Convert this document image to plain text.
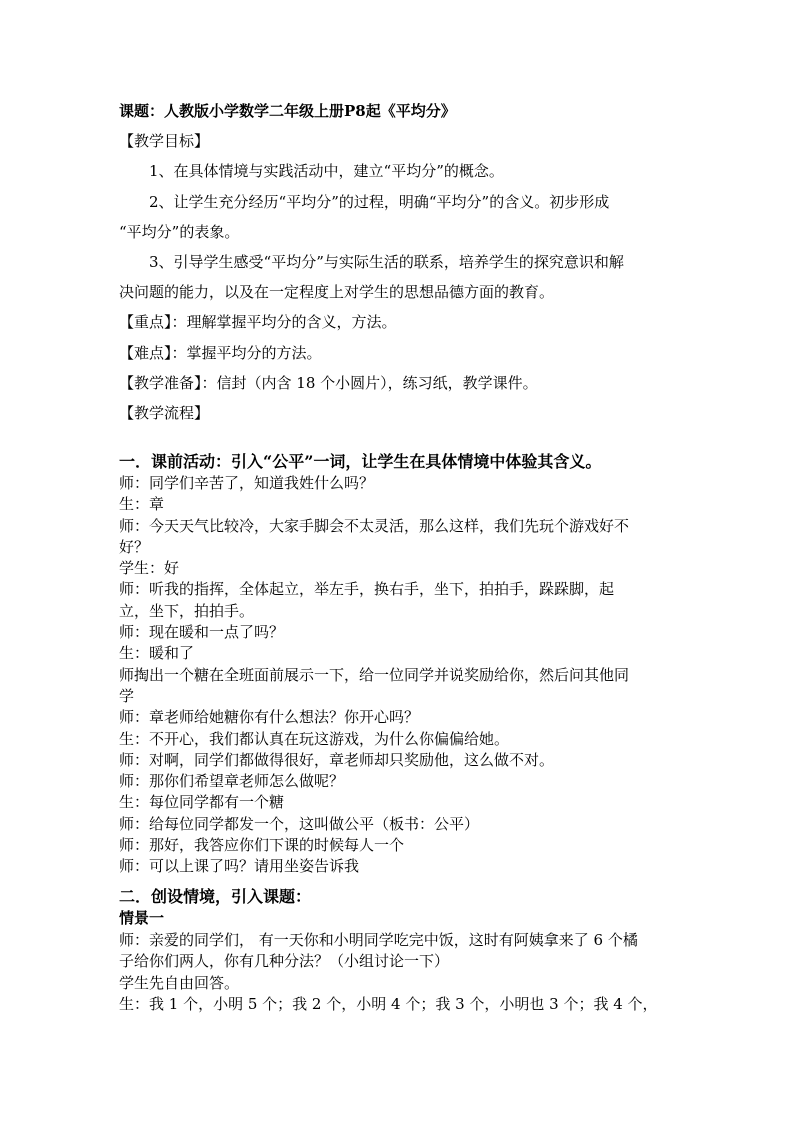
课题：人教版小学数学二年级上册P8起《平均分》
【教学目标】
1、在具体情境与实践活动中，建立“平均分”的概念。
2、让学生充分经历“平均分”的过程，明确“平均分”的含义。初步形成
“平均分”的表象。
3、引导学生感受“平均分”与实际生活的联系，培养学生的探究意识和解
决问题的能力，以及在一定程度上对学生的思想品德方面的教育。
【重点】：理解掌握平均分的含义，方法。
【难点】：掌握平均分的方法。
【教学准备】：信封（内含 18 个小圆片），练习纸，教学课件。
【教学流程】
一．课前活动：引入“公平”一词，让学生在具体情境中体验其含义。
师：同学们辛苦了，知道我姓什么吗？
生：章
师：今天天气比较冷，大家手脚会不太灵活，那么这样，我们先玩个游戏好不
好？
学生：好
师：听我的指挥，全体起立，举左手，换右手，坐下，拍拍手，跺跺脚，起
立，坐下，拍拍手。
师：现在暖和一点了吗？
生：暖和了
师掏出一个糖在全班面前展示一下，给一位同学并说奖励给你，然后问其他同
学
师：章老师给她糖你有什么想法？你开心吗？
生：不开心，我们都认真在玩这游戏，为什么你偏偏给她。
师：对啊，同学们都做得很好，章老师却只奖励他，这么做不对。
师：那你们希望章老师怎么做呢？
生：每位同学都有一个糖
师：给每位同学都发一个，这叫做公平（板书：公平）
师：那好，我答应你们下课的时候每人一个
师：可以上课了吗？请用坐姿告诉我
二．创设情境，引入课题：
情景一
师：亲爱的同学们， 有一天你和小明同学吃完中饭，这时有阿姨拿来了 6 个橘
子给你们两人，你有几种分法？（小组讨论一下）
学生先自由回答。
生：我 1 个，小明 5 个；我 2 个，小明 4 个；我 3 个，小明也 3 个；我 4 个，
